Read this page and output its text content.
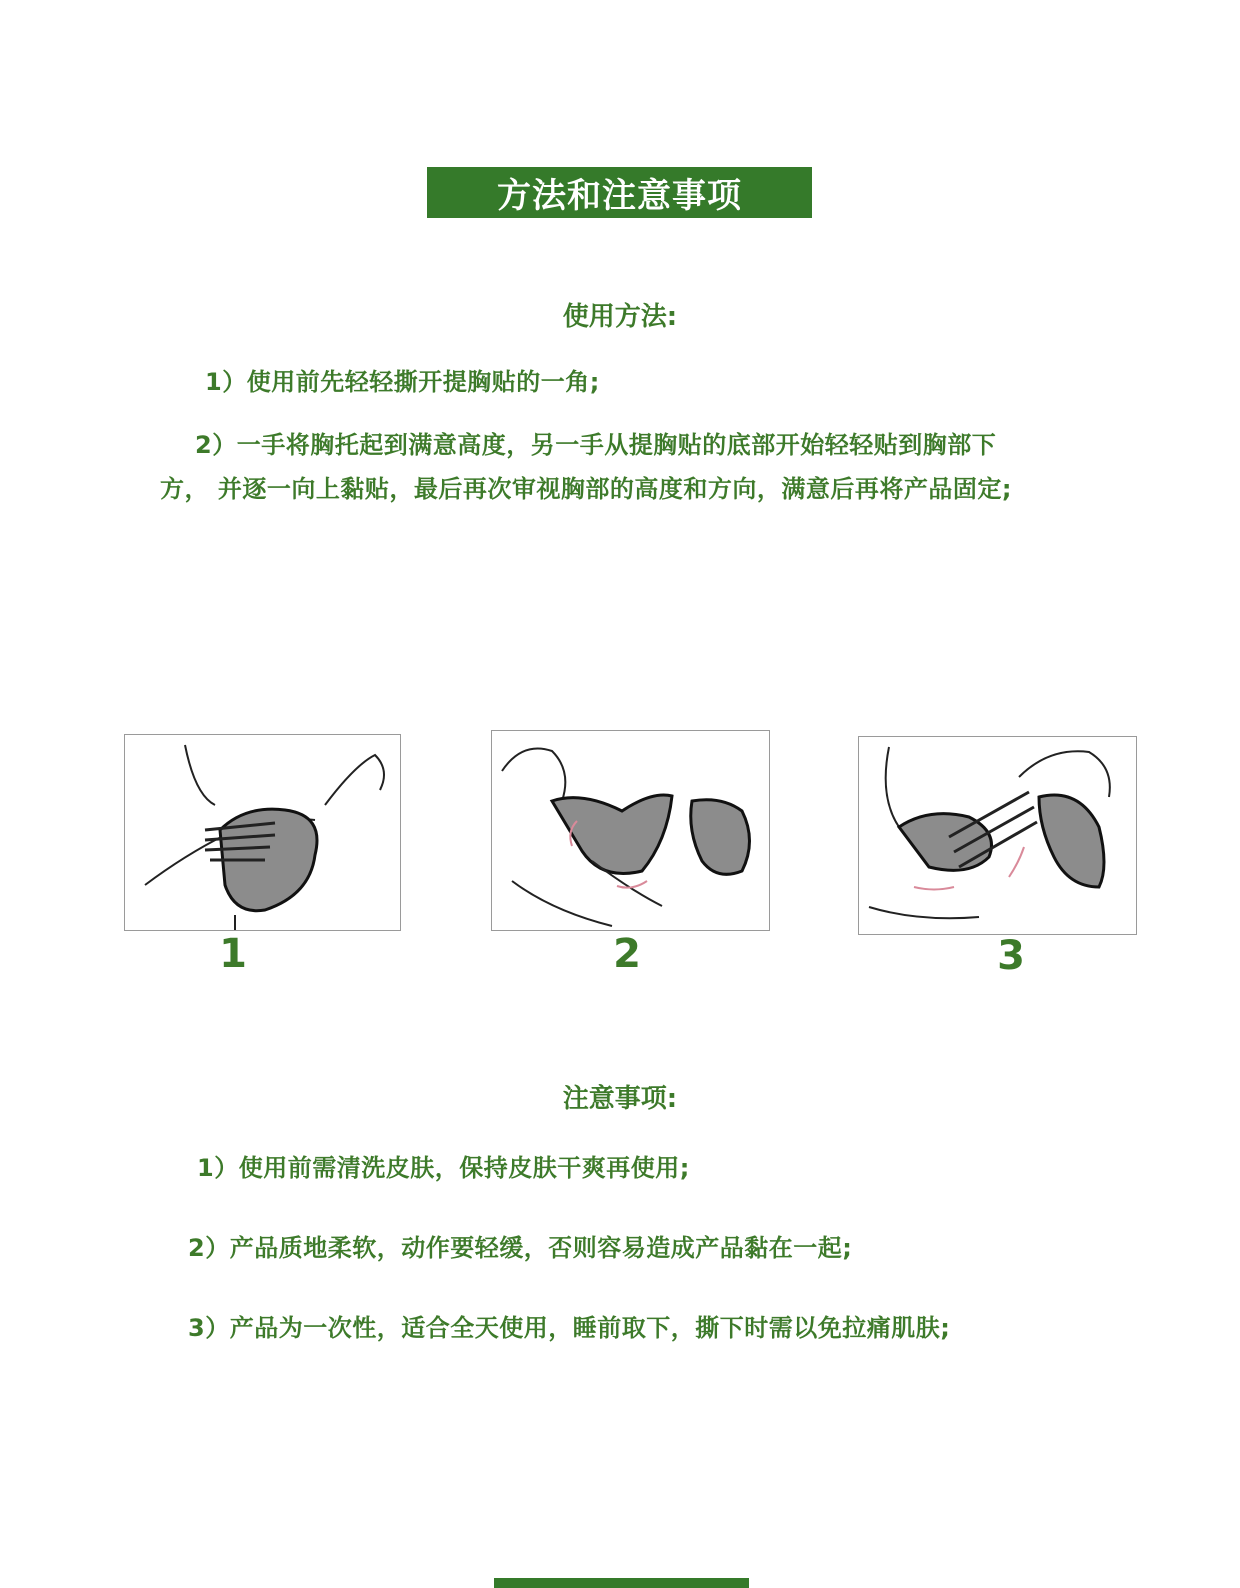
方法和注意事项
使用方法:
1）使用前先轻轻撕开提胸贴的一角;
2）一手将胸托起到满意高度，另一手从提胸贴的底部开始轻轻贴到胸部下
方， 并逐一向上黏贴，最后再次审视胸部的高度和方向，满意后再将产品固定;
1	2	3
注意事项:
1）使用前需清洗皮肤，保持皮肤干爽再使用;
2）产品质地柔软，动作要轻缓，否则容易造成产品黏在一起;
3）产品为一次性，适合全天使用，睡前取下，撕下时需以免拉痛肌肤;
